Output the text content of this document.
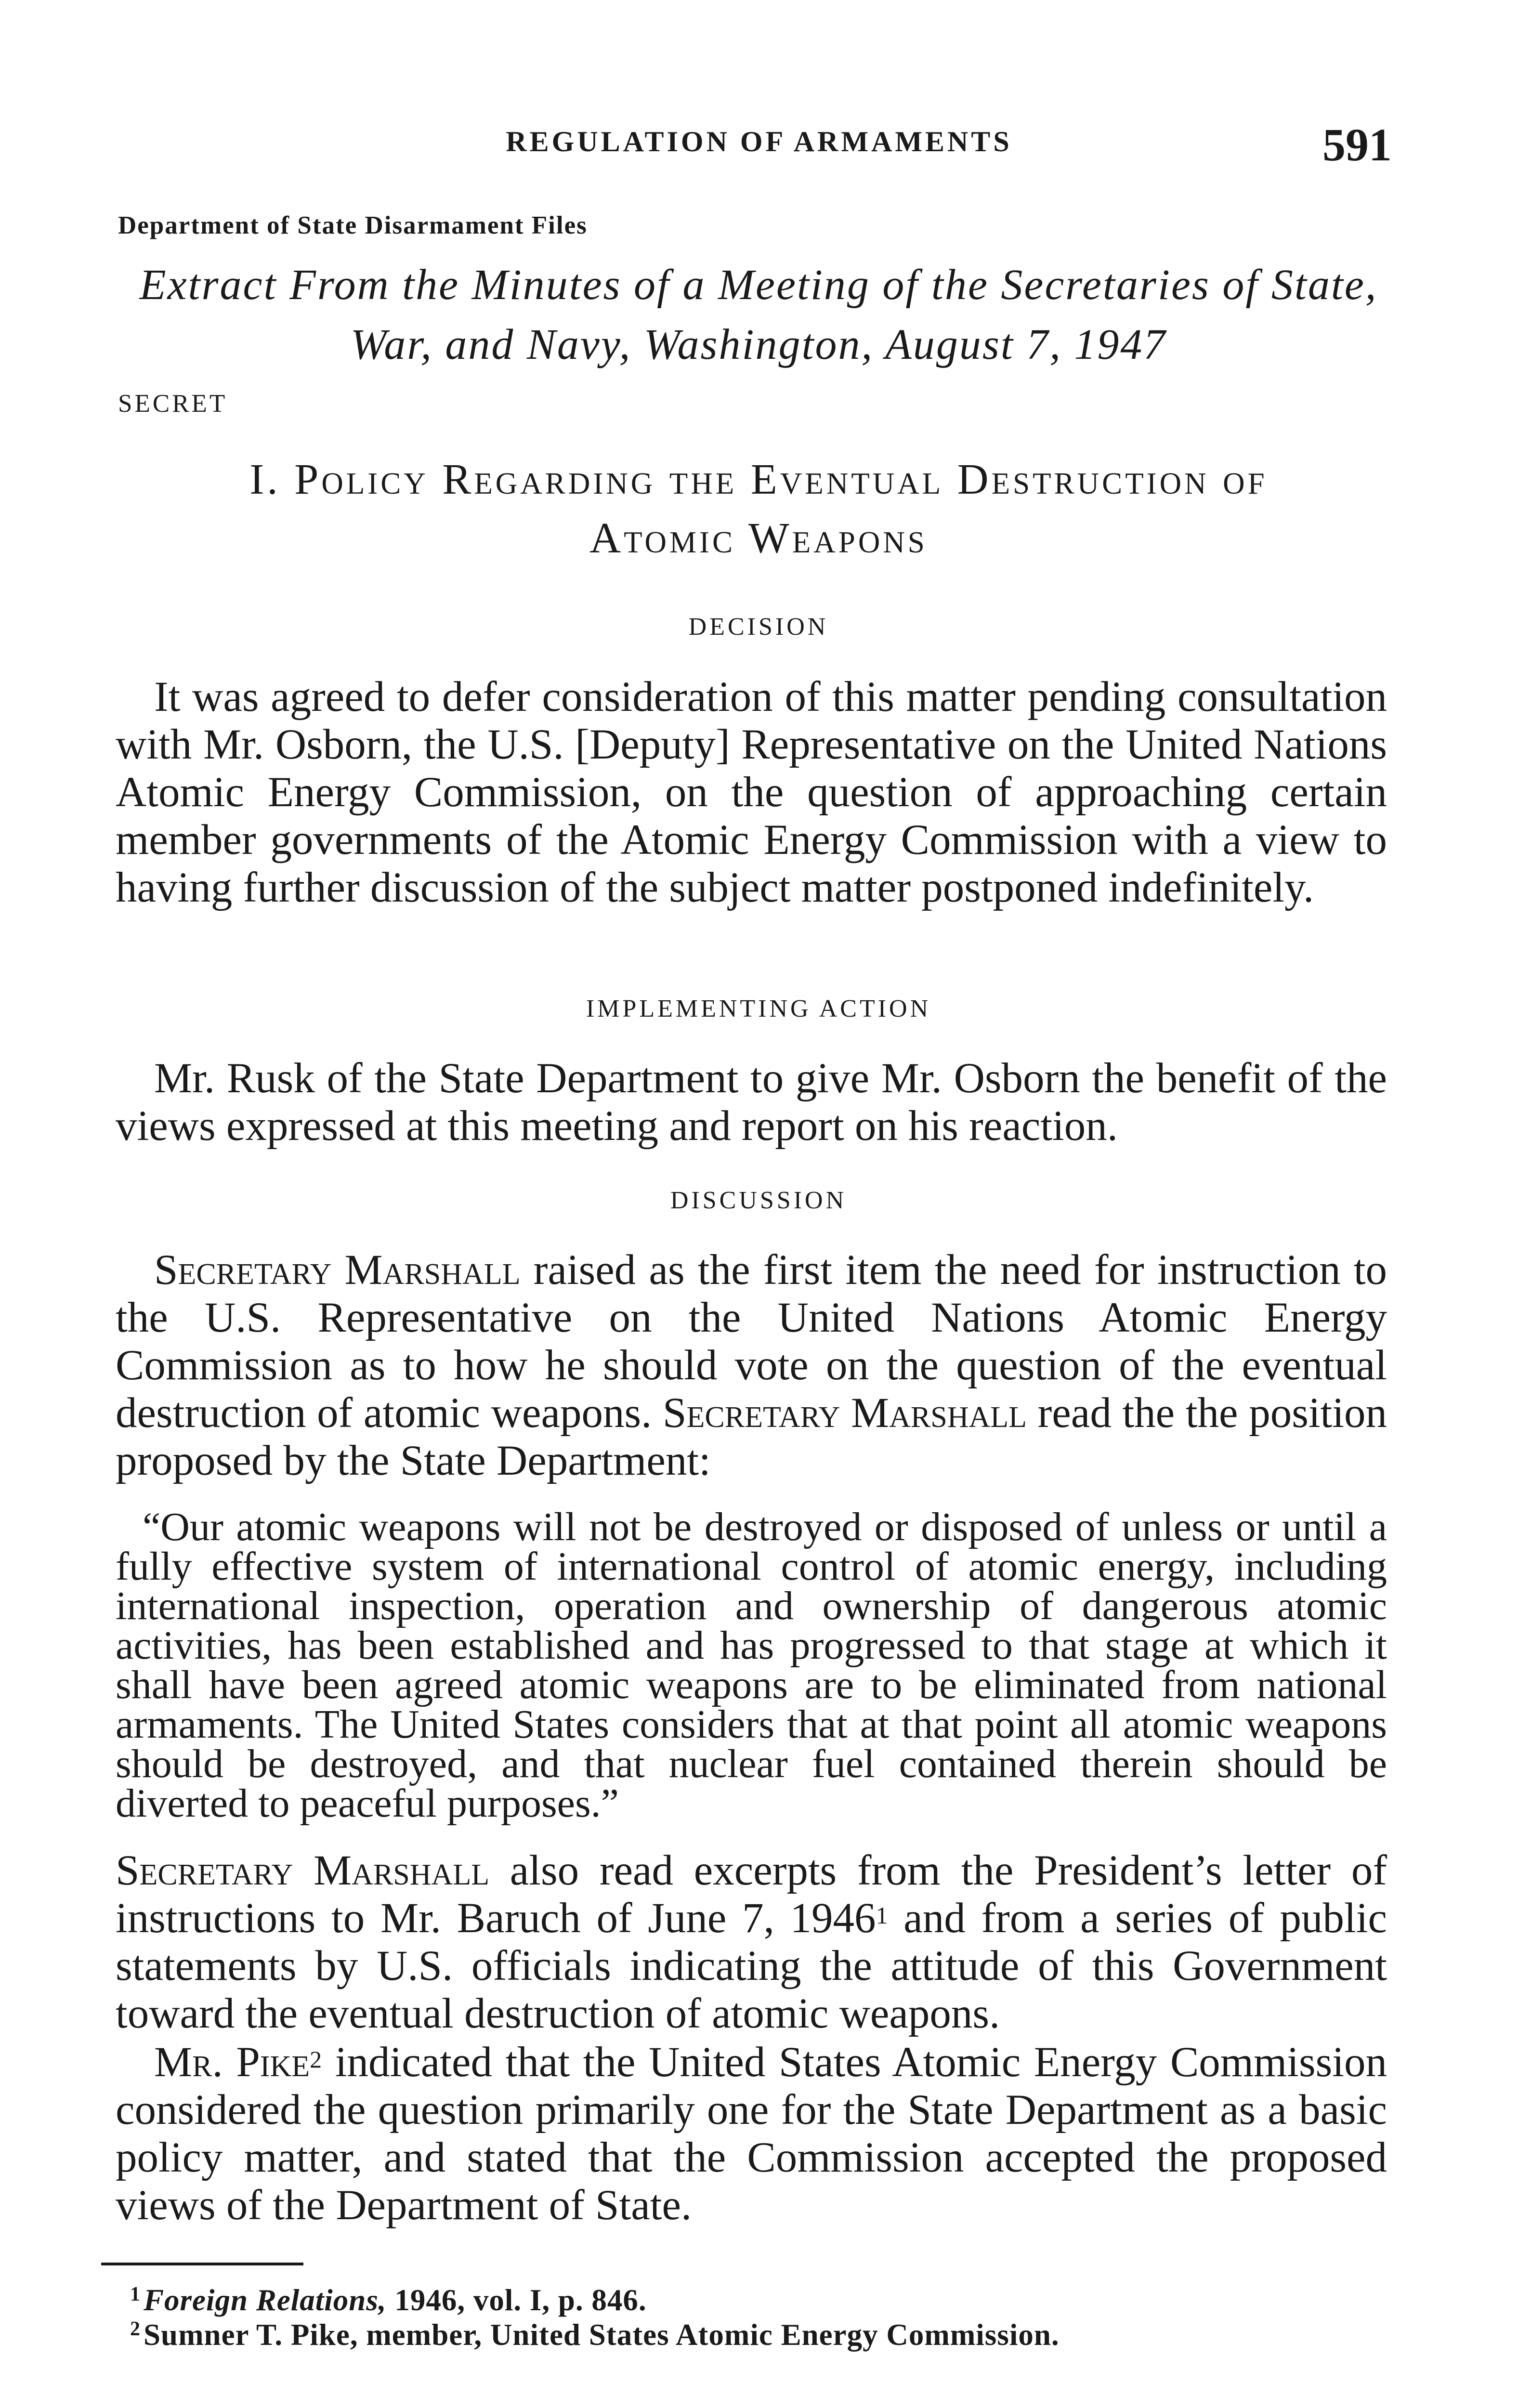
REGULATION OF ARMAMENTS	591
Department of State Disarmament Files
Extract From the Minutes of a Meeting of the Secretaries of State,
War, and Navy, Washington, August 7, 1947
SECRET
I. Policy Regarding the Eventual Destruction of
Atomic Weapons
DECISION
It was agreed to defer consideration of this matter pending consultation with Mr. Osborn, the U.S. [Deputy] Representative on the United Nations Atomic Energy Commission, on the question of approaching certain member governments of the Atomic Energy Commission with a view to having further discussion of the subject matter postponed indefinitely.
IMPLEMENTING ACTION
Mr. Rusk of the State Department to give Mr. Osborn the benefit of the views expressed at this meeting and report on his reaction.
DISCUSSION
Secretary Marshall raised as the first item the need for instruction to the U.S. Representative on the United Nations Atomic Energy Commission as to how he should vote on the question of the eventual destruction of atomic weapons. Secretary Marshall read the the position proposed by the State Department:
“Our atomic weapons will not be destroyed or disposed of unless or until a fully effective system of international control of atomic energy, including international inspection, operation and ownership of dangerous atomic activities, has been established and has progressed to that stage at which it shall have been agreed atomic weapons are to be eliminated from national armaments. The United States considers that at that point all atomic weapons should be destroyed, and that nuclear fuel contained therein should be diverted to peaceful purposes.”
Secretary Marshall also read excerpts from the President’s letter of instructions to Mr. Baruch of June 7, 1946$^1$ and from a series of public statements by U.S. officials indicating the attitude of this Government toward the eventual destruction of atomic weapons.
Mr. Pike$^2$ indicated that the United States Atomic Energy Commission considered the question primarily one for the State Department as a basic policy matter, and stated that the Commission accepted the proposed views of the Department of State.
$^1$Foreign Relations, 1946, vol. I, p. 846.
$^2$Sumner T. Pike, member, United States Atomic Energy Commission.
